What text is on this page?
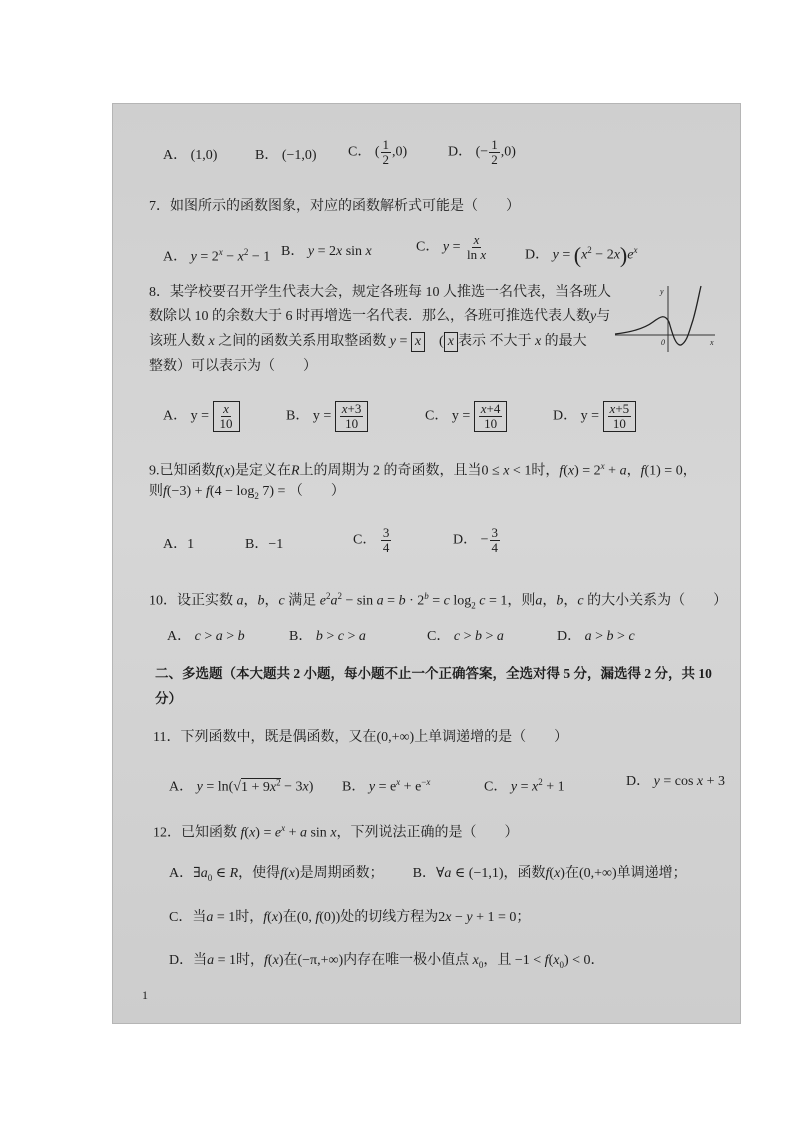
A． (1,0)	B． (−1,0) C． ( $\frac{1}{2} ,0$)	D． (− $\frac{1}{2} ,0$)
7．如图所示的函数图象，对应的函数解析式可能是（　　）
A． $y = 2^x - x^2 - 1$ B． y = 2x sin x	C． $y = \frac{x}{\text{ln x}}$	D． $y = (x^2 - 2x)e^x$
8．某学校要召开学生代表大会，规定各班每 10 人推选一名代表，当各班人
数除以 10 的余数大于 6 时再增选一名代表．那么，各班可推选代表人数y与
该班人数 x 之间的函数关系用取整函数 y = x　( x 表示 不大于 x 的最大
整数）可以表示为（　　）
y
0	x
A． $y = \frac{x}{10}$	B． $y = \frac{x+3}{10}$	C． $y = \frac{x+4}{10}$	D． $y = \frac{x+5}{10}$
9.已知函数f(x)是定义在R上的周期为 2 的奇函数，且当0 ≤ x < 1时，$f(x) = 2^x + a$，f(1) = 0，
则$f(-3) + f(4 - \log_2 7)$ = （　　）
A．1	B．−1	C． $\frac{3}{4}$	D． − $\frac{3}{4}$
10．设正实数 a，b，c 满足 $e^2a^2 - \sin a = b \cdot 2^b = c$ $\log_2 c = 1$，则a，b，c 的大小关系为（　　）
A． c > a > b	B． b > c > a	C． c > b > a	D． a > b > c
二、多选题（本大题共 2 小题，每小题不止一个正确答案，全选对得 5 分，漏选得 2 分，共 10
分）
11．下列函数中，既是偶函数，又在(0,+∞)上单调递增的是（　　）
A． $y = \ln(√1 + 9x^2 - 3x)$ B． $y = e^x + e^{-x}$	C． $y = x^2 + 1$	D． y = cos x + 3
12．已知函数 $f(x) = e^x + a$ sin x，下列说法正确的是（　　）
A．$\exists a_0$ ∈ R，使得f(x)是周期函数； B．∀a ∈ (−1,1)，函数f(x)在(0,+∞)单调递增；
C．当a = 1时，f(x)在(0, f(0))处的切线方程为2x − y + 1 = 0；
D．当a = 1时，f(x)在(−π,+∞)内存在唯一极小值点 $x_0$，且 $-1 < f(x_0) < 0$．
1
